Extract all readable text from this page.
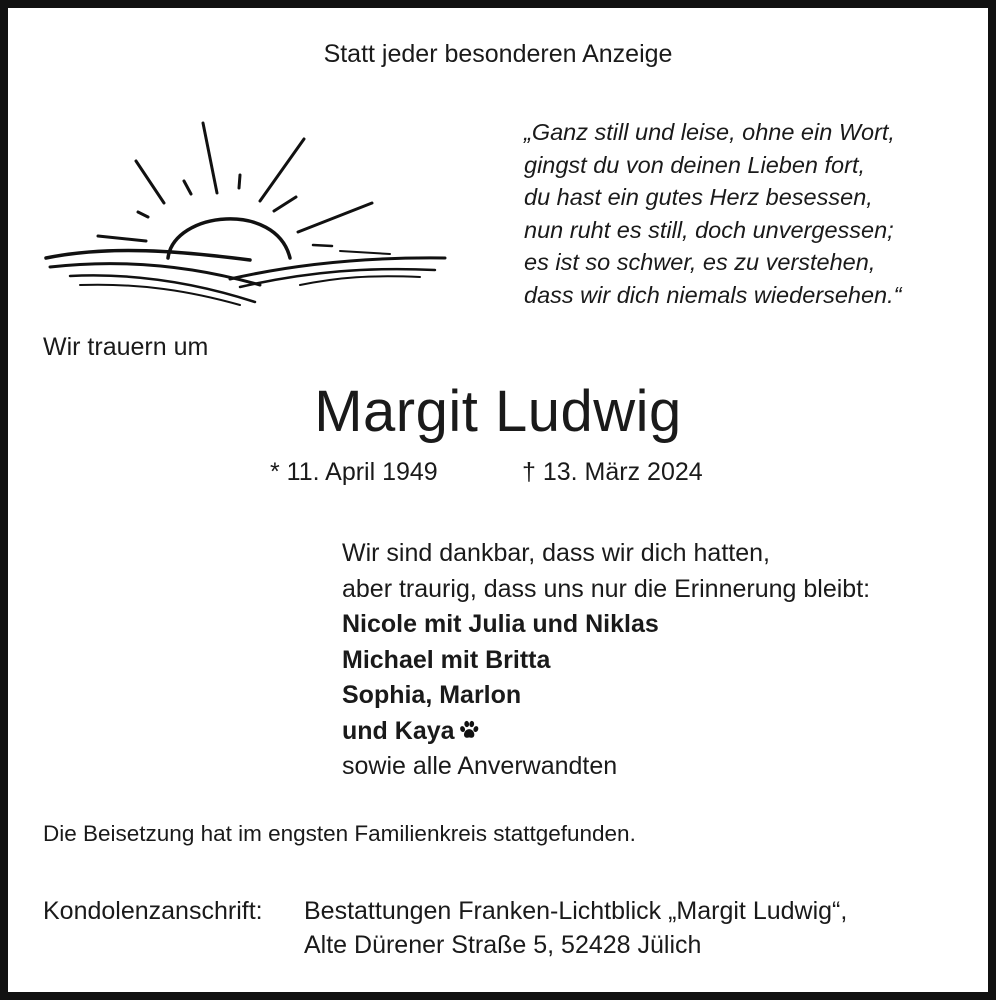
Statt jeder besonderen Anzeige
„Ganz still und leise, ohne ein Wort,
gingst du von deinen Lieben fort,
du hast ein gutes Herz besessen,
nun ruht es still, doch unvergessen;
es ist so schwer, es zu verstehen,
dass wir dich niemals wiedersehen.“
Wir trauern um
Margit Ludwig
* 11. April 1949	† 13. März 2024
Wir sind dankbar, dass wir dich hatten,
aber traurig, dass uns nur die Erinnerung bleibt:
Nicole mit Julia und Niklas
Michael mit Britta
Sophia, Marlon
und Kaya
sowie alle Anverwandten
Die Beisetzung hat im engsten Familienkreis stattgefunden.
Kondolenzanschrift: Bestattungen Franken-Lichtblick „Margit Ludwig“,
Alte Dürener Straße 5, 52428 Jülich
